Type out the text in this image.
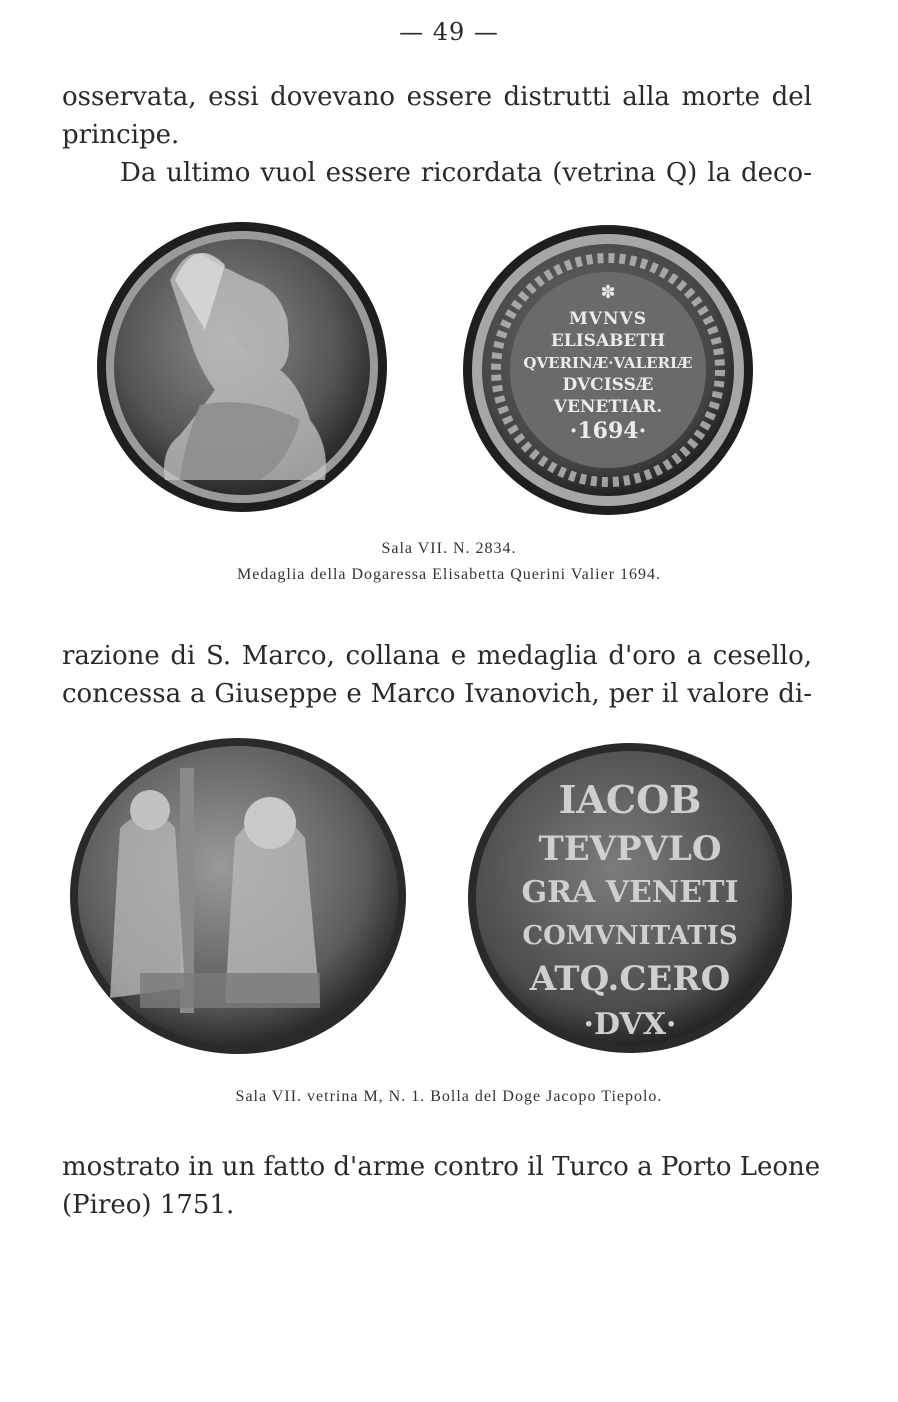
— 49 —
osservata, essi dovevano essere distrutti alla morte del
principe.
Da ultimo vuol essere ricordata (vetrina Q) la deco-
✽
MVNVS
ELISABETH
QVERINÆ·VALERIÆ
DVCISSÆ
VENETIAR.
·1694·
Sala VII. N. 2834.
Medaglia della Dogaressa Elisabetta Querini Valier 1694.
razione di S. Marco, collana e medaglia d'oro a cesello,
concessa a Giuseppe e Marco Ivanovich, per il valore di-
IACOB
TEVPVLO
GRA VENETI
COMVNITATIS
ATQ.CERO
·DVX·
Sala VII. vetrina M, N. 1. Bolla del Doge Jacopo Tiepolo.
mostrato in un fatto d'arme contro il Turco a Porto Leone
(Pireo) 1751.
